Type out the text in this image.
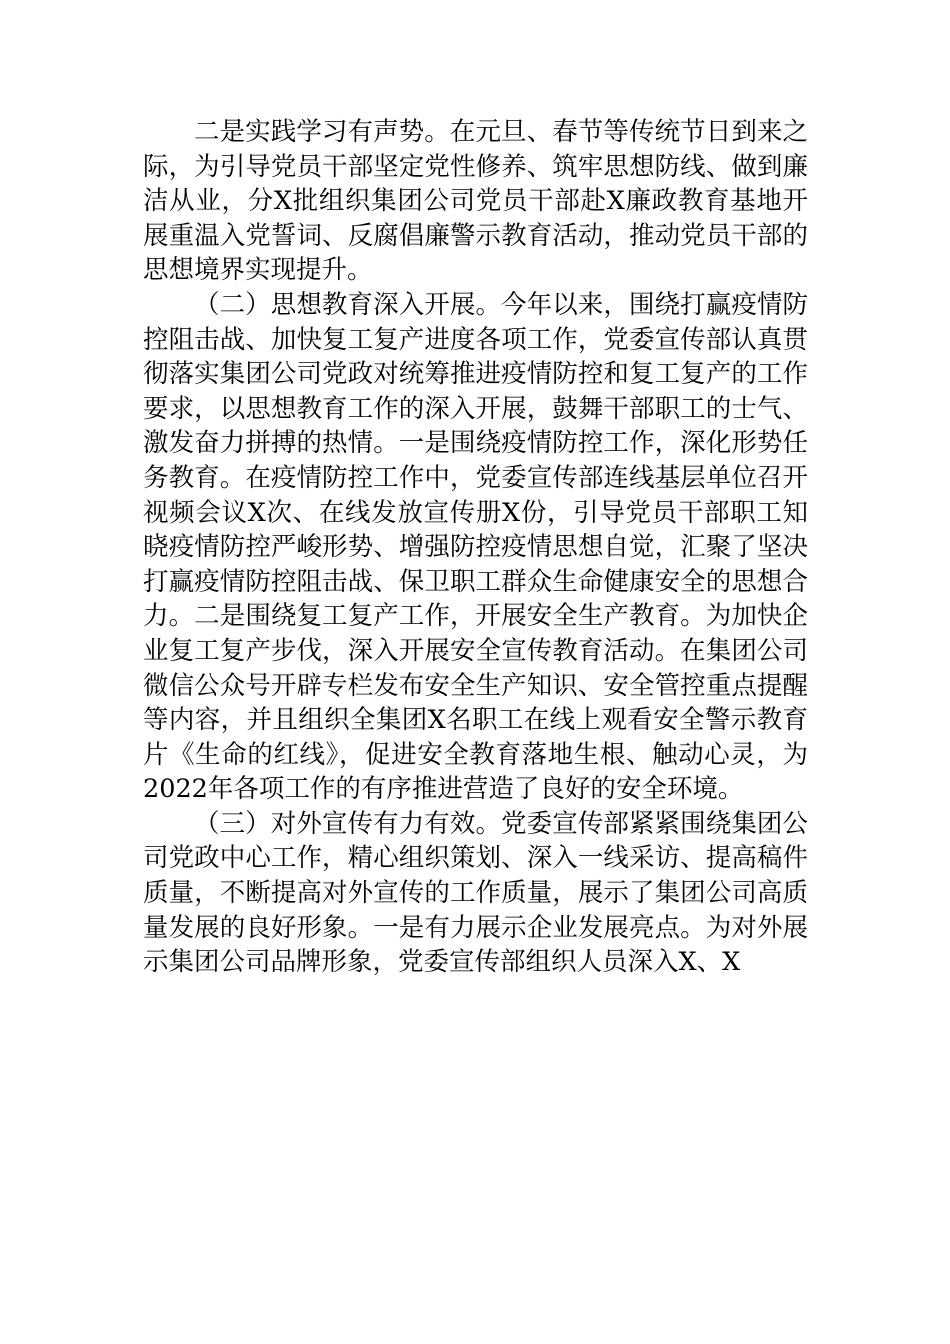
二是实践学习有声势。在元旦、春节等传统节日到来之际，为引导党员干部坚定党性修养、筑牢思想防线、做到廉洁从业，分X批组织集团公司党员干部赴X廉政教育基地开展重温入党誓词、反腐倡廉警示教育活动，推动党员干部的思想境界实现提升。

（二）思想教育深入开展。今年以来，围绕打赢疫情防控阻击战、加快复工复产进度各项工作，党委宣传部认真贯彻落实集团公司党政对统筹推进疫情防控和复工复产的工作要求，以思想教育工作的深入开展，鼓舞干部职工的士气、激发奋力拼搏的热情。一是围绕疫情防控工作，深化形势任务教育。在疫情防控工作中，党委宣传部连线基层单位召开视频会议X次、在线发放宣传册X份，引导党员干部职工知晓疫情防控严峻形势、增强防控疫情思想自觉，汇聚了坚决打赢疫情防控阻击战、保卫职工群众生命健康安全的思想合力。二是围绕复工复产工作，开展安全生产教育。为加快企业复工复产步伐，深入开展安全宣传教育活动。在集团公司微信公众号开辟专栏发布安全生产知识、安全管控重点提醒等内容，并且组织全集团X名职工在线上观看安全警示教育片《生命的红线》，促进安全教育落地生根、触动心灵，为2022年各项工作的有序推进营造了良好的安全环境。

（三）对外宣传有力有效。党委宣传部紧紧围绕集团公司党政中心工作，精心组织策划、深入一线采访、提高稿件质量，不断提高对外宣传的工作质量，展示了集团公司高质量发展的良好形象。一是有力展示企业发展亮点。为对外展示集团公司品牌形象，党委宣传部组织人员深入X、X
